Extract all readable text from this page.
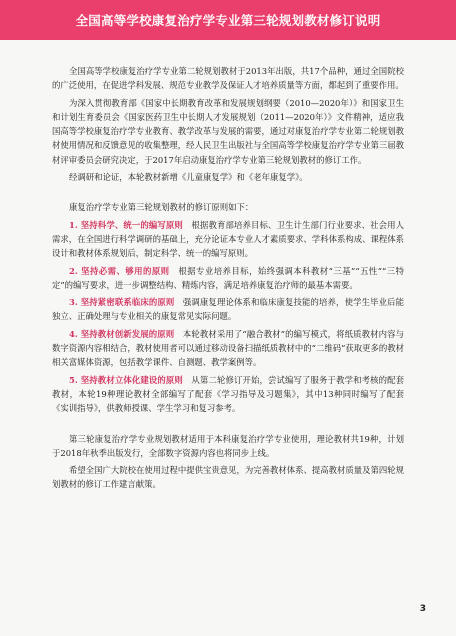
全国高等学校康复治疗学专业第三轮规划教材修订说明

全国高等学校康复治疗学专业第二轮规划教材于2013年出版，共17个品种，通过全国院校的广泛使用，在促进学科发展、规范专业教学及保证人才培养质量等方面，都起到了重要作用。

为深入贯彻教育部《国家中长期教育改革和发展规划纲要（2010—2020年）》和国家卫生和计划生育委员会《国家医药卫生中长期人才发展规划（2011—2020年）》文件精神，适应我国高等学校康复治疗学专业教育、教学改革与发展的需要，通过对康复治疗学专业第二轮规划教材使用情况和反馈意见的收集整理，经人民卫生出版社与全国高等学校康复治疗学专业第三届教材评审委员会研究决定，于2017年启动康复治疗学专业第三轮规划教材的修订工作。

经调研和论证，本轮教材新增《儿童康复学》和《老年康复学》。

康复治疗学专业第三轮规划教材的修订原则如下：

1. 坚持科学、统一的编写原则　 根据教育部培养目标、卫生计生部门行业要求、社会用人需求，在全国进行科学调研的基础上，充分论证本专业人才素质要求、学科体系构成、课程体系设计和教材体系规划后，制定科学、统一的编写原则。

2. 坚持必需、够用的原则　 根据专业培养目标，始终强调本科教材“三基”“五性”“三特定”的编写要求，进一步调整结构、精炼内容，满足培养康复治疗师的最基本需要。

3. 坚持紧密联系临床的原则　 强调康复理论体系和临床康复技能的培养，使学生毕业后能独立、正确处理与专业相关的康复常见实际问题。

4. 坚持教材创新发展的原则　 本轮教材采用了“融合教材”的编写模式，将纸质教材内容与数字资源内容相结合，教材使用者可以通过移动设备扫描纸质教材中的“二维码”获取更多的教材相关富媒体资源，包括教学课件、自测题、教学案例等。

5. 坚持教材立体化建设的原则　 从第二轮修订开始，尝试编写了服务于教学和考核的配套教材，本轮19种理论教材全部编写了配套《学习指导及习题集》，其中13种同时编写了配套《实训指导》，供教师授课、学生学习和复习参考。

第三轮康复治疗学专业规划教材适用于本科康复治疗学专业使用，理论教材共19种，计划于2018年秋季出版发行，全部数字资源内容也将同步上线。

希望全国广大院校在使用过程中提供宝贵意见，为完善教材体系、提高教材质量及第四轮规划教材的修订工作建言献策。

3
